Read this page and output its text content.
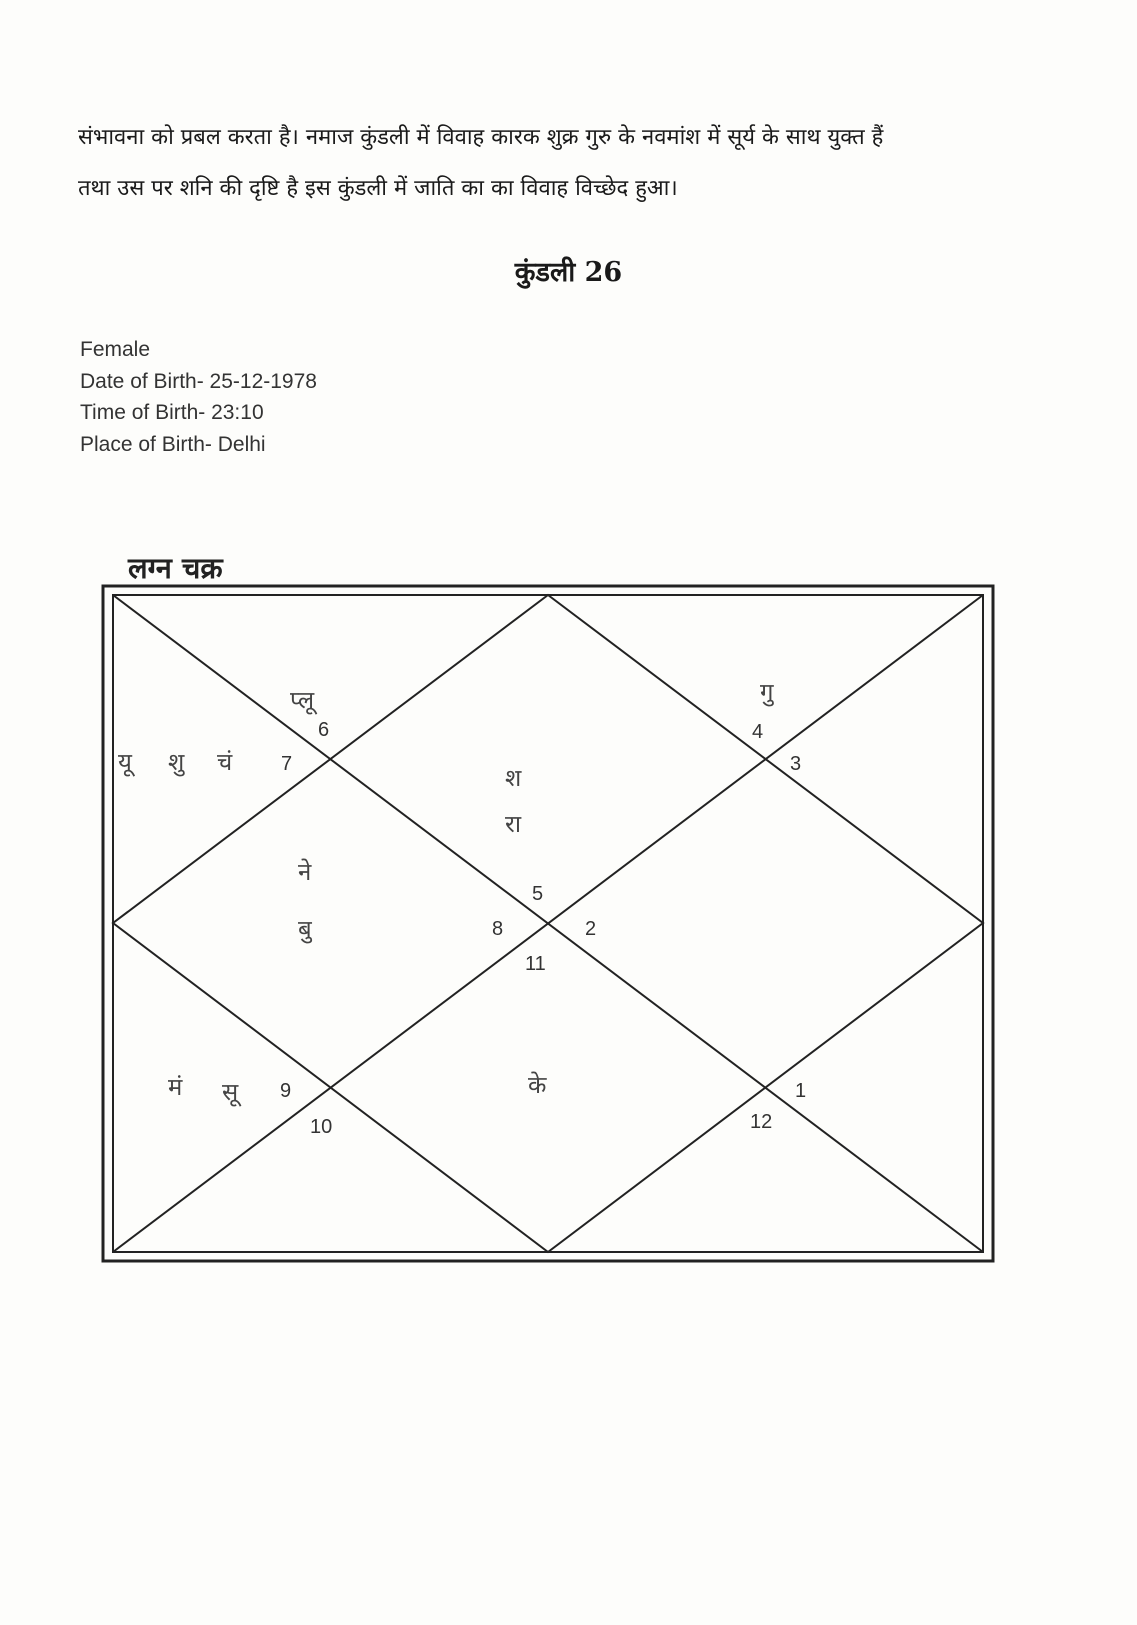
संभावना को प्रबल करता है। नमाज कुंडली में विवाह कारक शुक्र गुरु के नवमांश में सूर्य के साथ युक्त हैं

तथा उस पर शनि की दृष्टि है इस कुंडली में जाति का का विवाह विच्छेद हुआ।

कुंडली 26
Female
Date of Birth- 25-12-1978
Time of Birth- 23:10
Place of Birth- Delhi
लग्न चक्र
6
7
4
3
5
8	2
11
9
10
1
12
प्लू
यू शु चं
गु
श
रा
ने
बु
मं सू	के
